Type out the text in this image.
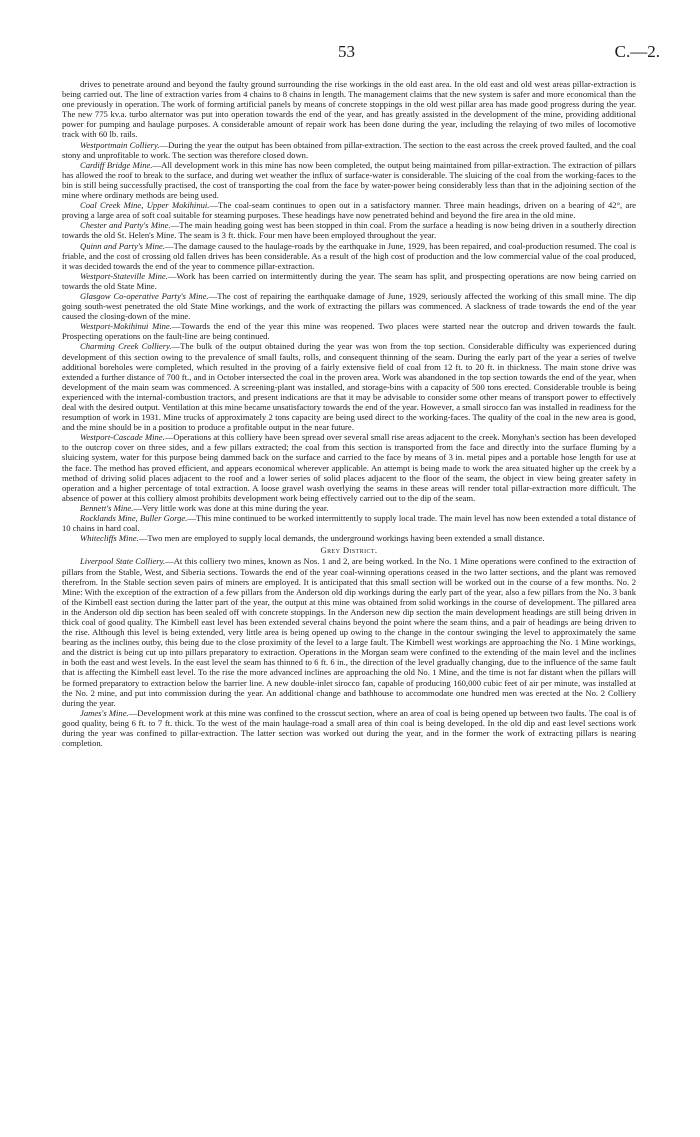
53	C.—2.

drives to penetrate around and beyond the faulty ground surrounding the rise workings in the old east area. In the old east and old west areas pillar-extraction is being carried out. The line of extraction varies from 4 chains to 8 chains in length. The management claims that the new system is safer and more economical than the one previously in operation. The work of forming artificial panels by means of concrete stoppings in the old west pillar area has made good progress during the year. The new 775 kv.a. turbo alternator was put into operation towards the end of the year, and has greatly assisted in the development of the mine, providing additional power for pumping and haulage purposes. A considerable amount of repair work has been done during the year, including the relaying of two miles of locomotive track with 60 lb. rails.

Westportmain Colliery.—During the year the output has been obtained from pillar-extraction. The section to the east across the creek proved faulted, and the coal stony and unprofitable to work. The section was therefore closed down.

Cardiff Bridge Mine.—All development work in this mine has now been completed, the output being maintained from pillar-extraction. The extraction of pillars has allowed the roof to break to the surface, and during wet weather the influx of surface-water is considerable. The sluicing of the coal from the working-faces to the bin is still being successfully practised, the cost of transporting the coal from the face by water-power being considerably less than that in the adjoining section of the mine where ordinary methods are being used.

Coal Creek Mine, Upper Mokihinui.—The coal-seam continues to open out in a satisfactory manner. Three main headings, driven on a bearing of 42°, are proving a large area of soft coal suitable for steaming purposes. These headings have now penetrated behind and beyond the fire area in the old mine.

Chester and Party's Mine.—The main heading going west has been stopped in thin coal. From the surface a heading is now being driven in a southerly direction towards the old St. Helen's Mine. The seam is 3 ft. thick. Four men have been employed throughout the year.

Quinn and Party's Mine.—The damage caused to the haulage-roads by the earthquake in June, 1929, has been repaired, and coal-production resumed. The coal is friable, and the cost of crossing old fallen drives has been considerable. As a result of the high cost of production and the low commercial value of the coal produced, it was decided towards the end of the year to commence pillar-extraction.

Westport-Stateville Mine.—Work has been carried on intermittently during the year. The seam has split, and prospecting operations are now being carried on towards the old State Mine.

Glasgow Co-operative Party's Mine.—The cost of repairing the earthquake damage of June, 1929, seriously affected the working of this small mine. The dip going south-west penetrated the old State Mine workings, and the work of extracting the pillars was commenced. A slackness of trade towards the end of the year caused the closing-down of the mine.

Westport-Mokihinui Mine.—Towards the end of the year this mine was reopened. Two places were started near the outcrop and driven towards the fault. Prospecting operations on the fault-line are being continued.

Charming Creek Colliery.—The bulk of the output obtained during the year was won from the top section. Considerable difficulty was experienced during development of this section owing to the prevalence of small faults, rolls, and consequent thinning of the seam. During the early part of the year a series of twelve additional boreholes were completed, which resulted in the proving of a fairly extensive field of coal from 12 ft. to 20 ft. in thickness. The main stone drive was extended a further distance of 700 ft., and in October intersected the coal in the proven area. Work was abandoned in the top section towards the end of the year, when development of the main seam was commenced. A screening-plant was installed, and storage-bins with a capacity of 500 tons erected. Considerable trouble is being experienced with the internal-combustion tractors, and present indications are that it may be advisable to consider some other means of transport power to effectively deal with the desired output. Ventilation at this mine became unsatisfactory towards the end of the year. However, a small sirocco fan was installed in readiness for the resumption of work in 1931. Mine trucks of approximately 2 tons capacity are being used direct to the working-faces. The quality of the coal in the new area is good, and the mine should be in a position to produce a profitable output in the near future.

Westport-Cascade Mine.—Operations at this colliery have been spread over several small rise areas adjacent to the creek. Monyhan's section has been developed to the outcrop cover on three sides, and a few pillars extracted; the coal from this section is transported from the face and directly into the surface fluming by a sluicing system, water for this purpose being dammed back on the surface and carried to the face by means of 3 in. metal pipes and a portable hose length for use at the face. The method has proved efficient, and appears economical wherever applicable. An attempt is being made to work the area situated higher up the creek by a method of driving solid places adjacent to the roof and a lower series of solid places adjacent to the floor of the seam, the object in view being greater safety in operation and a higher percentage of total extraction. A loose gravel wash overlying the seams in these areas will render total pillar-extraction more difficult. The absence of power at this colliery almost prohibits development work being effectively carried out to the dip of the seam.

Bennett's Mine.—Very little work was done at this mine during the year.

Rocklands Mine, Buller Gorge.—This mine continued to be worked intermittently to supply local trade. The main level has now been extended a total distance of 10 chains in hard coal.

Whitecliffs Mine.—Two men are employed to supply local demands, the underground workings having been extended a small distance.

Grey District.

Liverpool State Colliery.—At this colliery two mines, known as Nos. 1 and 2, are being worked. In the No. 1 Mine operations were confined to the extraction of pillars from the Stable, West, and Siberia sections. Towards the end of the year coal-winning operations ceased in the two latter sections, and the plant was removed therefrom. In the Stable section seven pairs of miners are employed. It is anticipated that this small section will be worked out in the course of a few months. No. 2 Mine: With the exception of the extraction of a few pillars from the Anderson old dip workings during the early part of the year, also a few pillars from the No. 3 bank of the Kimbell east section during the latter part of the year, the output at this mine was obtained from solid workings in the course of development. The pillared area in the Anderson old dip section has been sealed off with concrete stoppings. In the Anderson new dip section the main development headings are still being driven in thick coal of good quality. The Kimbell east level has been extended several chains beyond the point where the seam thins, and a pair of headings are being driven to the rise. Although this level is being extended, very little area is being opened up owing to the change in the contour swinging the level to approximately the same bearing as the inclines outby, this being due to the close proximity of the level to a large fault. The Kimbell west workings are approaching the No. 1 Mine workings, and the district is being cut up into pillars preparatory to extraction. Operations in the Morgan seam were confined to the extending of the main level and the inclines in both the east and west levels. In the east level the seam has thinned to 6 ft. 6 in., the direction of the level gradually changing, due to the influence of the same fault that is affecting the Kimbell east level. To the rise the more advanced inclines are approaching the old No. 1 Mine, and the time is not far distant when the pillars will be formed preparatory to extraction below the barrier line. A new double-inlet sirocco fan, capable of producing 160,000 cubic feet of air per minute, was installed at the No. 2 mine, and put into commission during the year. An additional change and bathhouse to accommodate one hundred men was erected at the No. 2 Colliery during the year.

James's Mine.—Development work at this mine was confined to the crosscut section, where an area of coal is being opened up between two faults. The coal is of good quality, being 6 ft. to 7 ft. thick. To the west of the main haulage-road a small area of thin coal is being developed. In the old dip and east level sections work during the year was confined to pillar-extraction. The latter section was worked out during the year, and in the former the work of extracting pillars is nearing completion.
